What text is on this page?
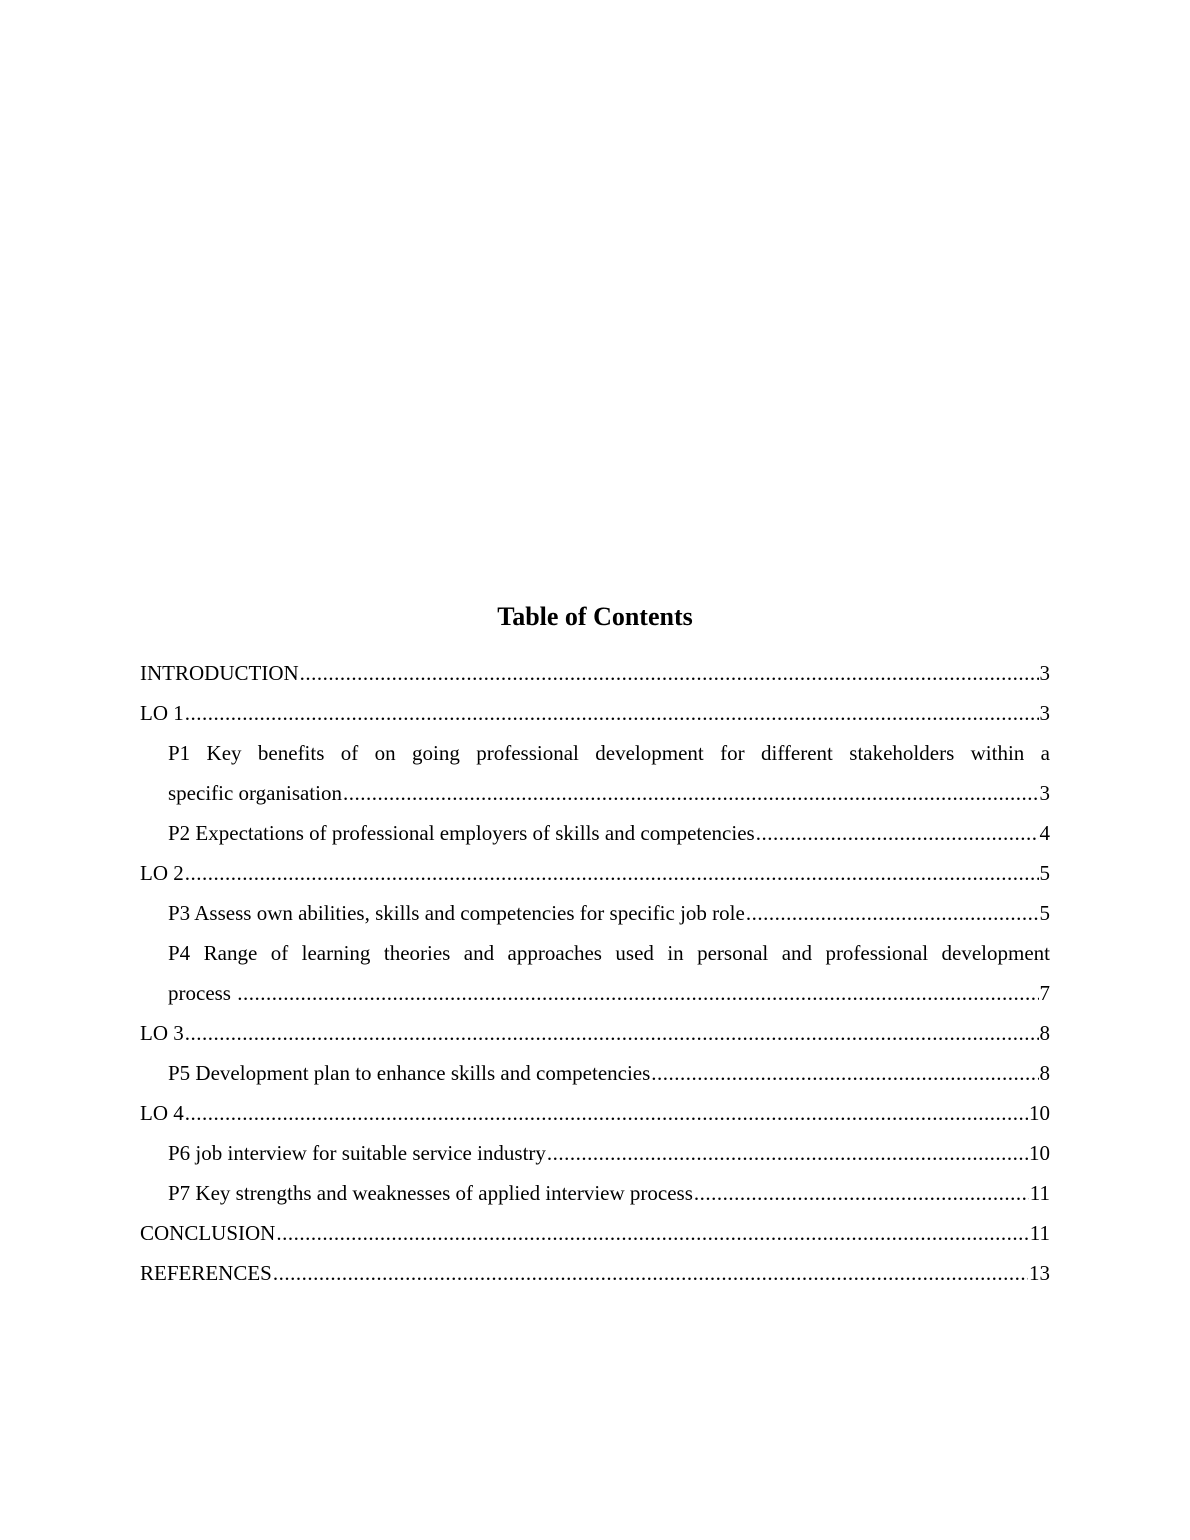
Table of Contents
INTRODUCTION .....	3
LO 1 .....	3
P1 Key benefits of on going professional development for different stakeholders within a
specific organisation .....	3
P2 Expectations of professional employers of skills and competencies .....	4
LO 2 .....	5
P3 Assess own abilities, skills and competencies for specific job role .....	5
P4 Range of learning theories and approaches used in personal and professional development
process .....	7
LO 3 .....	8
P5 Development plan to enhance skills and competencies .....	8
LO 4 .....	10
P6 job interview for suitable service industry .....	10
P7 Key strengths and weaknesses of applied interview process .....	11
CONCLUSION .....	11
REFERENCES .....	13
